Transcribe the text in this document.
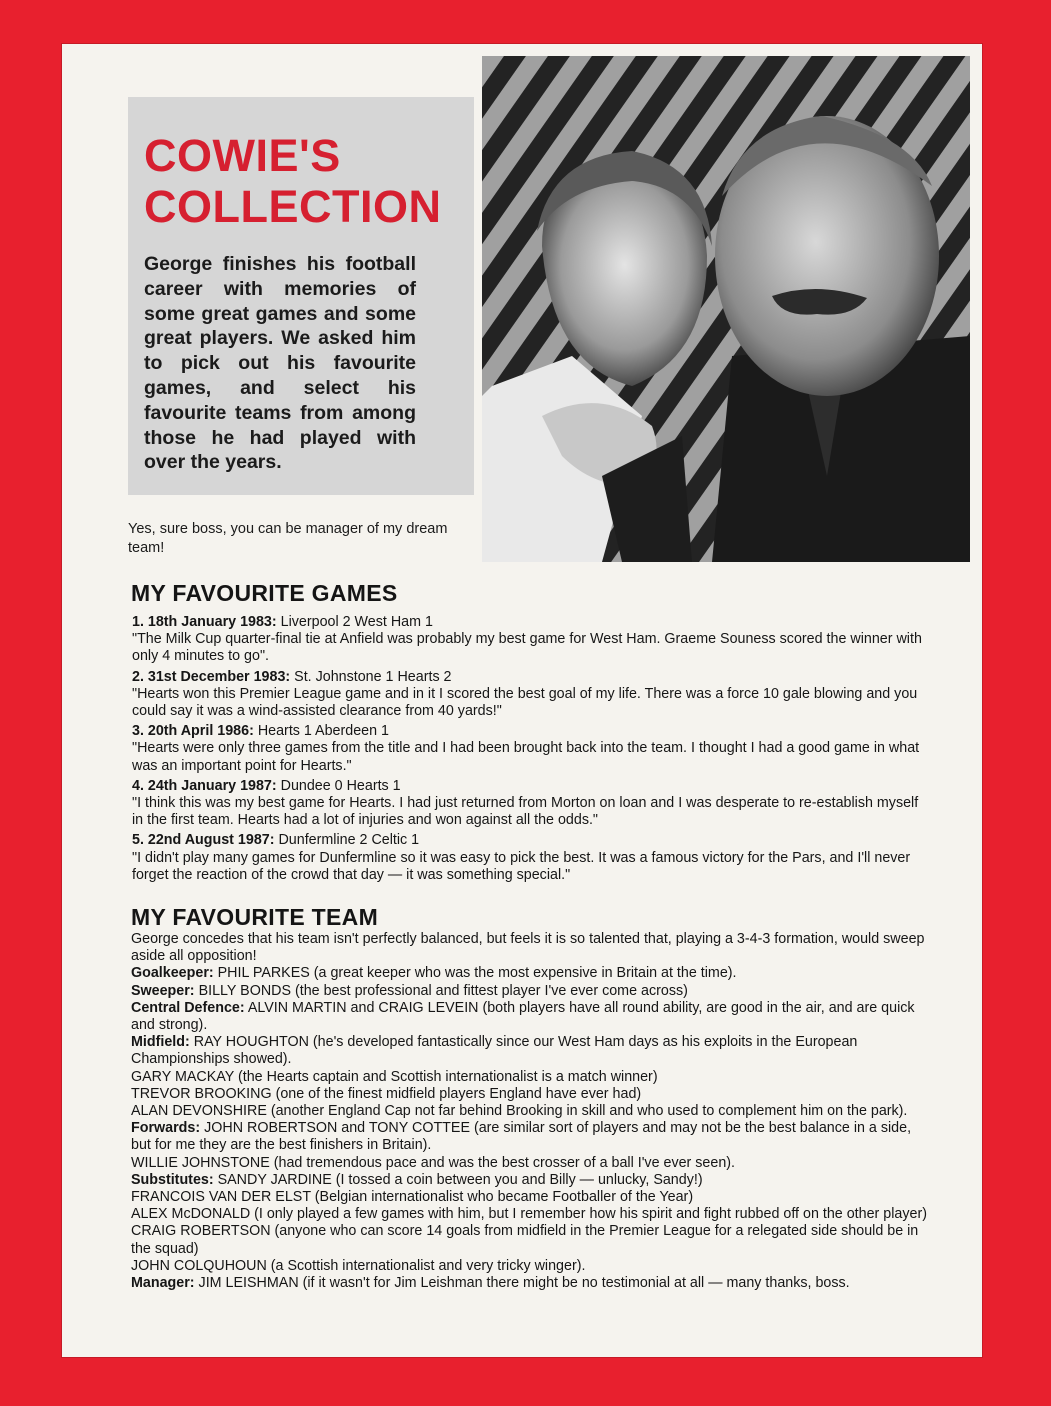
COWIE'S
COLLECTION

George finishes his football career with memories of some great games and some great players. We asked him to pick out his favourite games, and select his favourite teams from among those he had played with over the years.

Yes, sure boss, you can be manager of my dream team!

MY FAVOURITE GAMES
1. 18th January 1983: Liverpool 2 West Ham 1
"The Milk Cup quarter-final tie at Anfield was probably my best game for West Ham. Graeme Souness scored the winner with only 4 minutes to go".
2. 31st December 1983: St. Johnstone 1 Hearts 2
"Hearts won this Premier League game and in it I scored the best goal of my life. There was a force 10 gale blowing and you could say it was a wind-assisted clearance from 40 yards!"
3. 20th April 1986: Hearts 1 Aberdeen 1
"Hearts were only three games from the title and I had been brought back into the team. I thought I had a good game in what was an important point for Hearts."
4. 24th January 1987: Dundee 0 Hearts 1
"I think this was my best game for Hearts. I had just returned from Morton on loan and I was desperate to re-establish myself in the first team. Hearts had a lot of injuries and won against all the odds."
5. 22nd August 1987: Dunfermline 2 Celtic 1
"I didn't play many games for Dunfermline so it was easy to pick the best. It was a famous victory for the Pars, and I'll never forget the reaction of the crowd that day — it was something special."
MY FAVOURITE TEAM

George concedes that his team isn't perfectly balanced, but feels it is so talented that, playing a 3-4-3 formation, would sweep aside all opposition!

Goalkeeper: PHIL PARKES (a great keeper who was the most expensive in Britain at the time).

Sweeper: BILLY BONDS (the best professional and fittest player I've ever come across)

Central Defence: ALVIN MARTIN and CRAIG LEVEIN (both players have all round ability, are good in the air, and are quick and strong).

Midfield: RAY HOUGHTON (he's developed fantastically since our West Ham days as his exploits in the European Championships showed).

GARY MACKAY (the Hearts captain and Scottish internationalist is a match winner)

TREVOR BROOKING (one of the finest midfield players England have ever had)

ALAN DEVONSHIRE (another England Cap not far behind Brooking in skill and who used to complement him on the park).

Forwards: JOHN ROBERTSON and TONY COTTEE (are similar sort of players and may not be the best balance in a side, but for me they are the best finishers in Britain).

WILLIE JOHNSTONE (had tremendous pace and was the best crosser of a ball I've ever seen).

Substitutes: SANDY JARDINE (I tossed a coin between you and Billy — unlucky, Sandy!)

FRANCOIS VAN DER ELST (Belgian internationalist who became Footballer of the Year)

ALEX McDONALD (I only played a few games with him, but I remember how his spirit and fight rubbed off on the other player)

CRAIG ROBERTSON (anyone who can score 14 goals from midfield in the Premier League for a relegated side should be in the squad)

JOHN COLQUHOUN (a Scottish internationalist and very tricky winger).

Manager: JIM LEISHMAN (if it wasn't for Jim Leishman there might be no testimonial at all — many thanks, boss.
